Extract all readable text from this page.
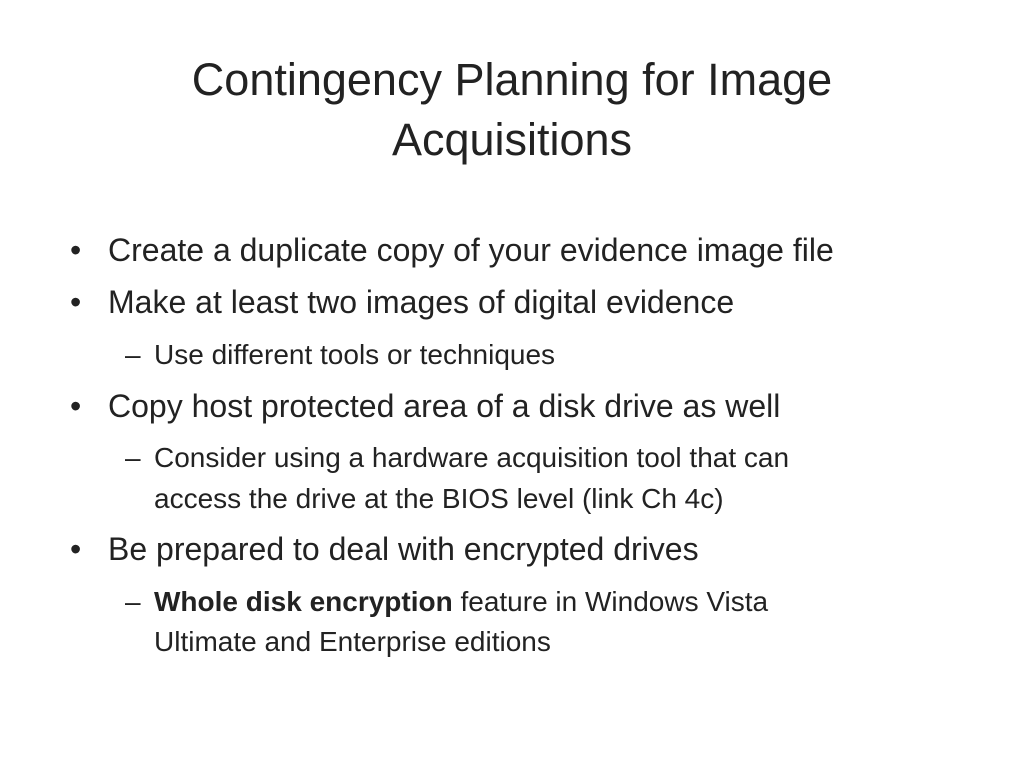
Contingency Planning for Image
Acquisitions
• Create a duplicate copy of your evidence image file
• Make at least two images of digital evidence
– Use different tools or techniques
• Copy host protected area of a disk drive as well
– Consider using a hardware acquisition tool that can
access the drive at the BIOS level (link Ch 4c)
• Be prepared to deal with encrypted drives
– Whole disk encryption feature in Windows Vista
Ultimate and Enterprise editions
